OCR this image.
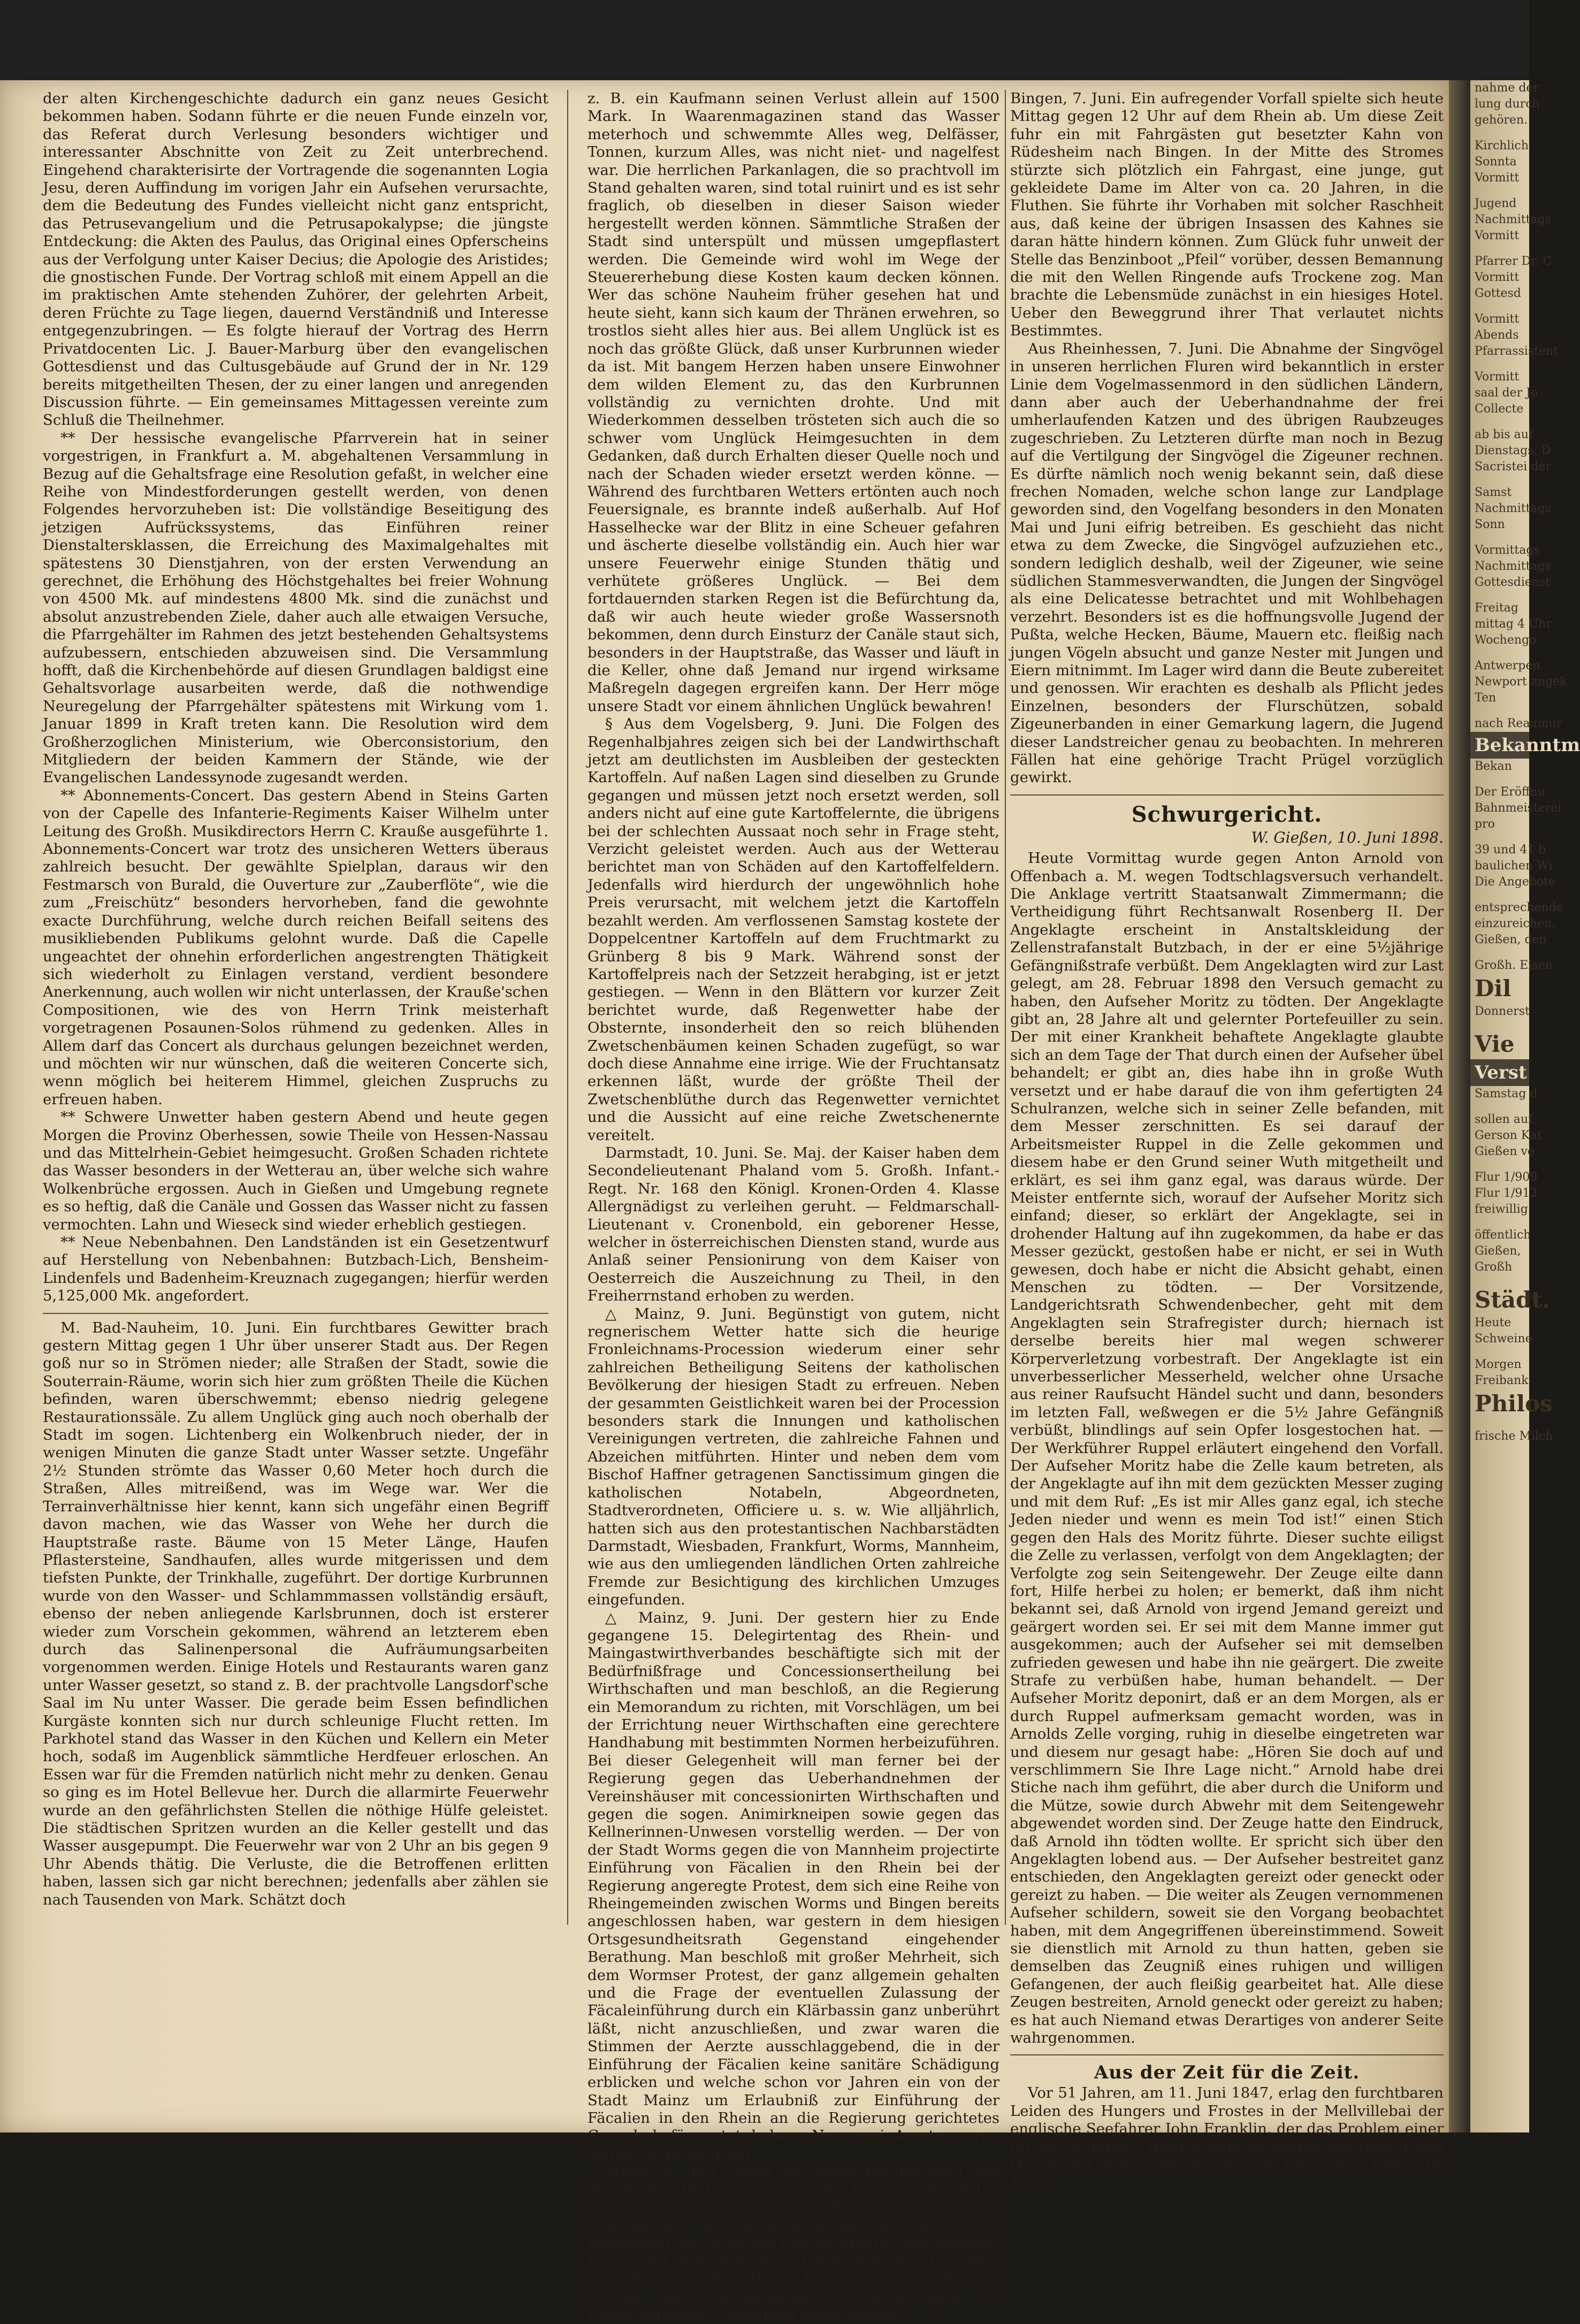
der alten Kirchengeschichte dadurch ein ganz neues Gesicht bekommen haben. Sodann führte er die neuen Funde einzeln vor, das Referat durch Verlesung besonders wichtiger und interessanter Abschnitte von Zeit zu Zeit unterbrechend. Eingehend charakterisirte der Vortragende die sogenannten Logia Jesu, deren Auffindung im vorigen Jahr ein Aufsehen verursachte, dem die Bedeutung des Fundes vielleicht nicht ganz entspricht, das Petrusevangelium und die Petrusapokalypse; die jüngste Entdeckung: die Akten des Paulus, das Original eines Opferscheins aus der Verfolgung unter Kaiser Decius; die Apologie des Aristides; die gnostischen Funde. Der Vortrag schloß mit einem Appell an die im praktischen Amte stehenden Zuhörer, der gelehrten Arbeit, deren Früchte zu Tage liegen, dauernd Verständniß und Interesse entgegenzubringen. — Es folgte hierauf der Vortrag des Herrn Privatdocenten Lic. J. Bauer-Marburg über den evangelischen Gottesdienst und das Cultusgebäude auf Grund der in Nr. 129 bereits mitgetheilten Thesen, der zu einer langen und anregenden Discussion führte. — Ein gemeinsames Mittagessen vereinte zum Schluß die Theilnehmer.

** Der hessische evangelische Pfarrverein hat in seiner vorgestrigen, in Frankfurt a. M. abgehaltenen Versammlung in Bezug auf die Gehaltsfrage eine Resolution gefaßt, in welcher eine Reihe von Mindestforderungen gestellt werden, von denen Folgendes hervorzuheben ist: Die vollständige Beseitigung des jetzigen Aufrückssystems, das Einführen reiner Dienstaltersklassen, die Erreichung des Maximalgehaltes mit spätestens 30 Dienstjahren, von der ersten Verwendung an gerechnet, die Erhöhung des Höchstgehaltes bei freier Wohnung von 4500 Mk. auf mindestens 4800 Mk. sind die zunächst und absolut anzustrebenden Ziele, daher auch alle etwaigen Versuche, die Pfarrgehälter im Rahmen des jetzt bestehenden Gehaltsystems aufzubessern, entschieden abzuweisen sind. Die Versammlung hofft, daß die Kirchenbehörde auf diesen Grundlagen baldigst eine Gehaltsvorlage ausarbeiten werde, daß die nothwendige Neuregelung der Pfarrgehälter spätestens mit Wirkung vom 1. Januar 1899 in Kraft treten kann. Die Resolution wird dem Großherzoglichen Ministerium, wie Oberconsistorium, den Mitgliedern der beiden Kammern der Stände, wie der Evangelischen Landessynode zugesandt werden.

** Abonnements-Concert. Das gestern Abend in Steins Garten von der Capelle des Infanterie-Regiments Kaiser Wilhelm unter Leitung des Großh. Musikdirectors Herrn C. Krauße ausgeführte 1. Abonnements-Concert war trotz des unsicheren Wetters überaus zahlreich besucht. Der gewählte Spielplan, daraus wir den Festmarsch von Burald, die Ouverture zur „Zauberflöte“, wie die zum „Freischütz“ besonders hervorheben, fand die gewohnte exacte Durchführung, welche durch reichen Beifall seitens des musikliebenden Publikums gelohnt wurde. Daß die Capelle ungeachtet der ohnehin erforderlichen angestrengten Thätigkeit sich wiederholt zu Einlagen verstand, verdient besondere Anerkennung, auch wollen wir nicht unterlassen, der Krauße'schen Compositionen, wie des von Herrn Trink meisterhaft vorgetragenen Posaunen-Solos rühmend zu gedenken. Alles in Allem darf das Concert als durchaus gelungen bezeichnet werden, und möchten wir nur wünschen, daß die weiteren Concerte sich, wenn möglich bei heiterem Himmel, gleichen Zuspruchs zu erfreuen haben.

** Schwere Unwetter haben gestern Abend und heute gegen Morgen die Provinz Oberhessen, sowie Theile von Hessen-Nassau und das Mittelrhein-Gebiet heimgesucht. Großen Schaden richtete das Wasser besonders in der Wetterau an, über welche sich wahre Wolkenbrüche ergossen. Auch in Gießen und Umgebung regnete es so heftig, daß die Canäle und Gossen das Wasser nicht zu fassen vermochten. Lahn und Wieseck sind wieder erheblich gestiegen.

** Neue Nebenbahnen. Den Landständen ist ein Gesetzentwurf auf Herstellung von Nebenbahnen: Butzbach-Lich, Bensheim-Lindenfels und Badenheim-Kreuznach zugegangen; hierfür werden 5,125,000 Mk. angefordert.

M. Bad-Nauheim, 10. Juni. Ein furchtbares Gewitter brach gestern Mittag gegen 1 Uhr über unserer Stadt aus. Der Regen goß nur so in Strömen nieder; alle Straßen der Stadt, sowie die Souterrain-Räume, worin sich hier zum größten Theile die Küchen befinden, waren überschwemmt; ebenso niedrig gelegene Restaurationssäle. Zu allem Unglück ging auch noch oberhalb der Stadt im sogen. Lichtenberg ein Wolkenbruch nieder, der in wenigen Minuten die ganze Stadt unter Wasser setzte. Ungefähr 2½ Stunden strömte das Wasser 0,60 Meter hoch durch die Straßen, Alles mitreißend, was im Wege war. Wer die Terrainverhältnisse hier kennt, kann sich ungefähr einen Begriff davon machen, wie das Wasser von Wehe her durch die Hauptstraße raste. Bäume von 15 Meter Länge, Haufen Pflastersteine, Sandhaufen, alles wurde mitgerissen und dem tiefsten Punkte, der Trinkhalle, zugeführt. Der dortige Kurbrunnen wurde von den Wasser- und Schlammmassen vollständig ersäuft, ebenso der neben anliegende Karlsbrunnen, doch ist ersterer wieder zum Vorschein gekommen, während an letzterem eben durch das Salinenpersonal die Aufräumungsarbeiten vorgenommen werden. Einige Hotels und Restaurants waren ganz unter Wasser gesetzt, so stand z. B. der prachtvolle Langsdorf'sche Saal im Nu unter Wasser. Die gerade beim Essen befindlichen Kurgäste konnten sich nur durch schleunige Flucht retten. Im Parkhotel stand das Wasser in den Küchen und Kellern ein Meter hoch, sodaß im Augenblick sämmtliche Herdfeuer erloschen. An Essen war für die Fremden natürlich nicht mehr zu denken. Genau so ging es im Hotel Bellevue her. Durch die allarmirte Feuerwehr wurde an den gefährlichsten Stellen die nöthige Hülfe geleistet. Die städtischen Spritzen wurden an die Keller gestellt und das Wasser ausgepumpt. Die Feuerwehr war von 2 Uhr an bis gegen 9 Uhr Abends thätig. Die Verluste, die die Betroffenen erlitten haben, lassen sich gar nicht berechnen; jedenfalls aber zählen sie nach Tausenden von Mark. Schätzt doch

z. B. ein Kaufmann seinen Verlust allein auf 1500 Mark. In Waarenmagazinen stand das Wasser meterhoch und schwemmte Alles weg, Delfässer, Tonnen, kurzum Alles, was nicht niet- und nagelfest war. Die herrlichen Parkanlagen, die so prachtvoll im Stand gehalten waren, sind total ruinirt und es ist sehr fraglich, ob dieselben in dieser Saison wieder hergestellt werden können. Sämmtliche Straßen der Stadt sind unterspült und müssen umgepflastert werden. Die Gemeinde wird wohl im Wege der Steuererhebung diese Kosten kaum decken können. Wer das schöne Nauheim früher gesehen hat und heute sieht, kann sich kaum der Thränen erwehren, so trostlos sieht alles hier aus. Bei allem Unglück ist es noch das größte Glück, daß unser Kurbrunnen wieder da ist. Mit bangem Herzen haben unsere Einwohner dem wilden Element zu, das den Kurbrunnen vollständig zu vernichten drohte. Und mit Wiederkommen desselben trösteten sich auch die so schwer vom Unglück Heimgesuchten in dem Gedanken, daß durch Erhalten dieser Quelle noch und nach der Schaden wieder ersetzt werden könne. — Während des furchtbaren Wetters ertönten auch noch Feuersignale, es brannte indeß außerhalb. Auf Hof Hasselhecke war der Blitz in eine Scheuer gefahren und äscherte dieselbe vollständig ein. Auch hier war unsere Feuerwehr einige Stunden thätig und verhütete größeres Unglück. — Bei dem fortdauernden starken Regen ist die Befürchtung da, daß wir auch heute wieder große Wassersnoth bekommen, denn durch Einsturz der Canäle staut sich, besonders in der Hauptstraße, das Wasser und läuft in die Keller, ohne daß Jemand nur irgend wirksame Maßregeln dagegen ergreifen kann. Der Herr möge unsere Stadt vor einem ähnlichen Unglück bewahren!

§ Aus dem Vogelsberg, 9. Juni. Die Folgen des Regenhalbjahres zeigen sich bei der Landwirthschaft jetzt am deutlichsten im Ausbleiben der gesteckten Kartoffeln. Auf naßen Lagen sind dieselben zu Grunde gegangen und müssen jetzt noch ersetzt werden, soll anders nicht auf eine gute Kartoffelernte, die übrigens bei der schlechten Aussaat noch sehr in Frage steht, Verzicht geleistet werden. Auch aus der Wetterau berichtet man von Schäden auf den Kartoffelfeldern. Jedenfalls wird hierdurch der ungewöhnlich hohe Preis verursacht, mit welchem jetzt die Kartoffeln bezahlt werden. Am verflossenen Samstag kostete der Doppelcentner Kartoffeln auf dem Fruchtmarkt zu Grünberg 8 bis 9 Mark. Während sonst der Kartoffelpreis nach der Setzzeit herabging, ist er jetzt gestiegen. — Wenn in den Blättern vor kurzer Zeit berichtet wurde, daß Regenwetter habe der Obsternte, insonderheit den so reich blühenden Zwetschenbäumen keinen Schaden zugefügt, so war doch diese Annahme eine irrige. Wie der Fruchtansatz erkennen läßt, wurde der größte Theil der Zwetschenblüthe durch das Regenwetter vernichtet und die Aussicht auf eine reiche Zwetschenernte vereitelt.

Darmstadt, 10. Juni. Se. Maj. der Kaiser haben dem Secondelieutenant Phaland vom 5. Großh. Infant.-Regt. Nr. 168 den Königl. Kronen-Orden 4. Klasse Allergnädigst zu verleihen geruht. — Feldmarschall-Lieutenant v. Cronenbold, ein geborener Hesse, welcher in österreichischen Diensten stand, wurde aus Anlaß seiner Pensionirung von dem Kaiser von Oesterreich die Auszeichnung zu Theil, in den Freiherrnstand erhoben zu werden.

△ Mainz, 9. Juni. Begünstigt von gutem, nicht regnerischem Wetter hatte sich die heurige Fronleichnams-Procession wiederum einer sehr zahlreichen Betheiligung Seitens der katholischen Bevölkerung der hiesigen Stadt zu erfreuen. Neben der gesammten Geistlichkeit waren bei der Procession besonders stark die Innungen und katholischen Vereinigungen vertreten, die zahlreiche Fahnen und Abzeichen mitführten. Hinter und neben dem vom Bischof Haffner getragenen Sanctissimum gingen die katholischen Notabeln, Abgeordneten, Stadtverordneten, Officiere u. s. w. Wie alljährlich, hatten sich aus den protestantischen Nachbarstädten Darmstadt, Wiesbaden, Frankfurt, Worms, Mannheim, wie aus den umliegenden ländlichen Orten zahlreiche Fremde zur Besichtigung des kirchlichen Umzuges eingefunden.

△ Mainz, 9. Juni. Der gestern hier zu Ende gegangene 15. Delegirtentag des Rhein- und Maingastwirthverbandes beschäftigte sich mit der Bedürfnißfrage und Concessionsertheilung bei Wirthschaften und man beschloß, an die Regierung ein Memorandum zu richten, mit Vorschlägen, um bei der Errichtung neuer Wirthschaften eine gerechtere Handhabung mit bestimmten Normen herbeizuführen. Bei dieser Gelegenheit will man ferner bei der Regierung gegen das Ueberhandnehmen der Vereinshäuser mit concessionirten Wirthschaften und gegen die sogen. Animirkneipen sowie gegen das Kellnerinnen-Unwesen vorstellig werden. — Der von der Stadt Worms gegen die von Mannheim projectirte Einführung von Fäcalien in den Rhein bei der Regierung angeregte Protest, dem sich eine Reihe von Rheingemeinden zwischen Worms und Bingen bereits angeschlossen haben, war gestern in dem hiesigen Ortsgesundheitsrath Gegenstand eingehender Berathung. Man beschloß mit großer Mehrheit, sich dem Wormser Protest, der ganz allgemein gehalten und die Frage der eventuellen Zulassung der Fäcaleinführung durch ein Klärbassin ganz unberührt läßt, nicht anzuschließen, und zwar waren die Stimmen der Aerzte ausschlaggebend, die in der Einführung der Fäcalien keine sanitäre Schädigung erblicken und welche schon vor Jahren ein von der Stadt Mainz um Erlaubniß zur Einführung der Fäcalien in den Rhein an die Regierung gerichtetes Gesuch befürwortet haben. Nur zwei Aerzte waren gegen die Einführung.

Mainz, 9. Juni. Ueber die ganze Rheingegend und den Ried entluden sich heute Nachmittag eine Reihe von heftigen Gewittern mit außerordentlich starken Regengüssen. In Naunheim schlug der Blitz in die Behausung des Ackerers Konrad Maurer und zündete. Es gelang indessen den Hausleuten, die Flammen alsbald zu ersticken. In der Richtung nach Großgerau trieben die niedergegangenen Regenmengen die Felder zeitweise vollständig unter Wasser.

Bingen, 7. Juni. Ein aufregender Vorfall spielte sich heute Mittag gegen 12 Uhr auf dem Rhein ab. Um diese Zeit fuhr ein mit Fahrgästen gut besetzter Kahn von Rüdesheim nach Bingen. In der Mitte des Stromes stürzte sich plötzlich ein Fahrgast, eine junge, gut gekleidete Dame im Alter von ca. 20 Jahren, in die Fluthen. Sie führte ihr Vorhaben mit solcher Raschheit aus, daß keine der übrigen Insassen des Kahnes sie daran hätte hindern können. Zum Glück fuhr unweit der Stelle das Benzinboot „Pfeil“ vorüber, dessen Bemannung die mit den Wellen Ringende aufs Trockene zog. Man brachte die Lebensmüde zunächst in ein hiesiges Hotel. Ueber den Beweggrund ihrer That verlautet nichts Bestimmtes.

Aus Rheinhessen, 7. Juni. Die Abnahme der Singvögel in unseren herrlichen Fluren wird bekanntlich in erster Linie dem Vogelmassenmord in den südlichen Ländern, dann aber auch der Ueberhandnahme der frei umherlaufenden Katzen und des übrigen Raubzeuges zugeschrieben. Zu Letzteren dürfte man noch in Bezug auf die Vertilgung der Singvögel die Zigeuner rechnen. Es dürfte nämlich noch wenig bekannt sein, daß diese frechen Nomaden, welche schon lange zur Landplage geworden sind, den Vogelfang besonders in den Monaten Mai und Juni eifrig betreiben. Es geschieht das nicht etwa zu dem Zwecke, die Singvögel aufzuziehen etc., sondern lediglich deshalb, weil der Zigeuner, wie seine südlichen Stammesverwandten, die Jungen der Singvögel als eine Delicatesse betrachtet und mit Wohlbehagen verzehrt. Besonders ist es die hoffnungsvolle Jugend der Pußta, welche Hecken, Bäume, Mauern etc. fleißig nach jungen Vögeln absucht und ganze Nester mit Jungen und Eiern mitnimmt. Im Lager wird dann die Beute zubereitet und genossen. Wir erachten es deshalb als Pflicht jedes Einzelnen, besonders der Flurschützen, sobald Zigeunerbanden in einer Gemarkung lagern, die Jugend dieser Landstreicher genau zu beobachten. In mehreren Fällen hat eine gehörige Tracht Prügel vorzüglich gewirkt.

Schwurgericht.
W. Gießen, 10. Juni 1898.

Heute Vormittag wurde gegen Anton Arnold von Offenbach a. M. wegen Todtschlagsversuch verhandelt. Die Anklage vertritt Staatsanwalt Zimmermann; die Vertheidigung führt Rechtsanwalt Rosenberg II. Der Angeklagte erscheint in Anstaltskleidung der Zellenstrafanstalt Butzbach, in der er eine 5½jährige Gefängnißstrafe verbüßt. Dem Angeklagten wird zur Last gelegt, am 28. Februar 1898 den Versuch gemacht zu haben, den Aufseher Moritz zu tödten. Der Angeklagte gibt an, 28 Jahre alt und gelernter Portefeuiller zu sein. Der mit einer Krankheit behaftete Angeklagte glaubte sich an dem Tage der That durch einen der Aufseher übel behandelt; er gibt an, dies habe ihn in große Wuth versetzt und er habe darauf die von ihm gefertigten 24 Schulranzen, welche sich in seiner Zelle befanden, mit dem Messer zerschnitten. Es sei darauf der Arbeitsmeister Ruppel in die Zelle gekommen und diesem habe er den Grund seiner Wuth mitgetheilt und erklärt, es sei ihm ganz egal, was daraus würde. Der Meister entfernte sich, worauf der Aufseher Moritz sich einfand; dieser, so erklärt der Angeklagte, sei in drohender Haltung auf ihn zugekommen, da habe er das Messer gezückt, gestoßen habe er nicht, er sei in Wuth gewesen, doch habe er nicht die Absicht gehabt, einen Menschen zu tödten. — Der Vorsitzende, Landgerichtsrath Schwendenbecher, geht mit dem Angeklagten sein Strafregister durch; hiernach ist derselbe bereits hier mal wegen schwerer Körperverletzung vorbestraft. Der Angeklagte ist ein unverbesserlicher Messerheld, welcher ohne Ursache aus reiner Raufsucht Händel sucht und dann, besonders im letzten Fall, weßwegen er die 5½ Jahre Gefängniß verbüßt, blindlings auf sein Opfer losgestochen hat. — Der Werkführer Ruppel erläutert eingehend den Vorfall. Der Aufseher Moritz habe die Zelle kaum betreten, als der Angeklagte auf ihn mit dem gezückten Messer zuging und mit dem Ruf: „Es ist mir Alles ganz egal, ich steche Jeden nieder und wenn es mein Tod ist!“ einen Stich gegen den Hals des Moritz führte. Dieser suchte eiligst die Zelle zu verlassen, verfolgt von dem Angeklagten; der Verfolgte zog sein Seitengewehr. Der Zeuge eilte dann fort, Hilfe herbei zu holen; er bemerkt, daß ihm nicht bekannt sei, daß Arnold von irgend Jemand gereizt und geärgert worden sei. Er sei mit dem Manne immer gut ausgekommen; auch der Aufseher sei mit demselben zufrieden gewesen und habe ihn nie geärgert. Die zweite Strafe zu verbüßen habe, human behandelt. — Der Aufseher Moritz deponirt, daß er an dem Morgen, als er durch Ruppel aufmerksam gemacht worden, was in Arnolds Zelle vorging, ruhig in dieselbe eingetreten war und diesem nur gesagt habe: „Hören Sie doch auf und verschlimmern Sie Ihre Lage nicht.“ Arnold habe drei Stiche nach ihm geführt, die aber durch die Uniform und die Mütze, sowie durch Abwehr mit dem Seitengewehr abgewendet worden sind. Der Zeuge hatte den Eindruck, daß Arnold ihn tödten wollte. Er spricht sich über den Angeklagten lobend aus. — Der Aufseher bestreitet ganz entschieden, den Angeklagten gereizt oder geneckt oder gereizt zu haben. — Die weiter als Zeugen vernommenen Aufseher schildern, soweit sie den Vorgang beobachtet haben, mit dem Angegriffenen übereinstimmend. Soweit sie dienstlich mit Arnold zu thun hatten, geben sie demselben das Zeugniß eines ruhigen und willigen Gefangenen, der auch fleißig gearbeitet hat. Alle diese Zeugen bestreiten, Arnold geneckt oder gereizt zu haben; es hat auch Niemand etwas Derartiges von anderer Seite wahrgenommen.

Aus der Zeit für die Zeit.

Vor 51 Jahren, am 11. Juni 1847, erlag den furchtbaren Leiden des Hungers und Frostes in der Mellvillebai der englische Seefahrer John Franklin, der das Problem einer für die Schiffahrt freilich unbrauchbaren nordwestlichen Durchfahrt löste und durch sein tragisches Ende die Theil-

nahme der
lung durch
gehören.
Kirchlich
Sonnta
Vormitt
Jugend
Nachmittags
Vormitt
Pfarrer Dr. C
Vormitt
Gottesd
Vormitt
Abends
Pfarrassistent
Vormitt
saal der Jo
Collecte
ab bis auf
Dienstags, D
Sacristei der
Samst
Nachmittags
Sonn
Vormittags
Nachmittags
Gottesdienst
Freitag
mittag 4 Uhr
Wochengo
Antwerpen
Newport angek
Ten
nach Reaumur
Bekanntm
Bekan
Der Eröffnu
Bahnmeisterei
pro
39 und 41 b
baulichen Wi
Die Angebote
entsprechende
einzureichen.
Gießen, den
Großh. Eisen
Dil
Donnerst
Vie
Verst
Samstag d
sollen auf
Gerson Kat
Gießen ve
Flur 1/909
Flur 1/913
freiwillig
öffentlich
Gießen,
Großh
Städt.
Heute
Schweine
Morgen
Freibank
Philos
frische Milch
